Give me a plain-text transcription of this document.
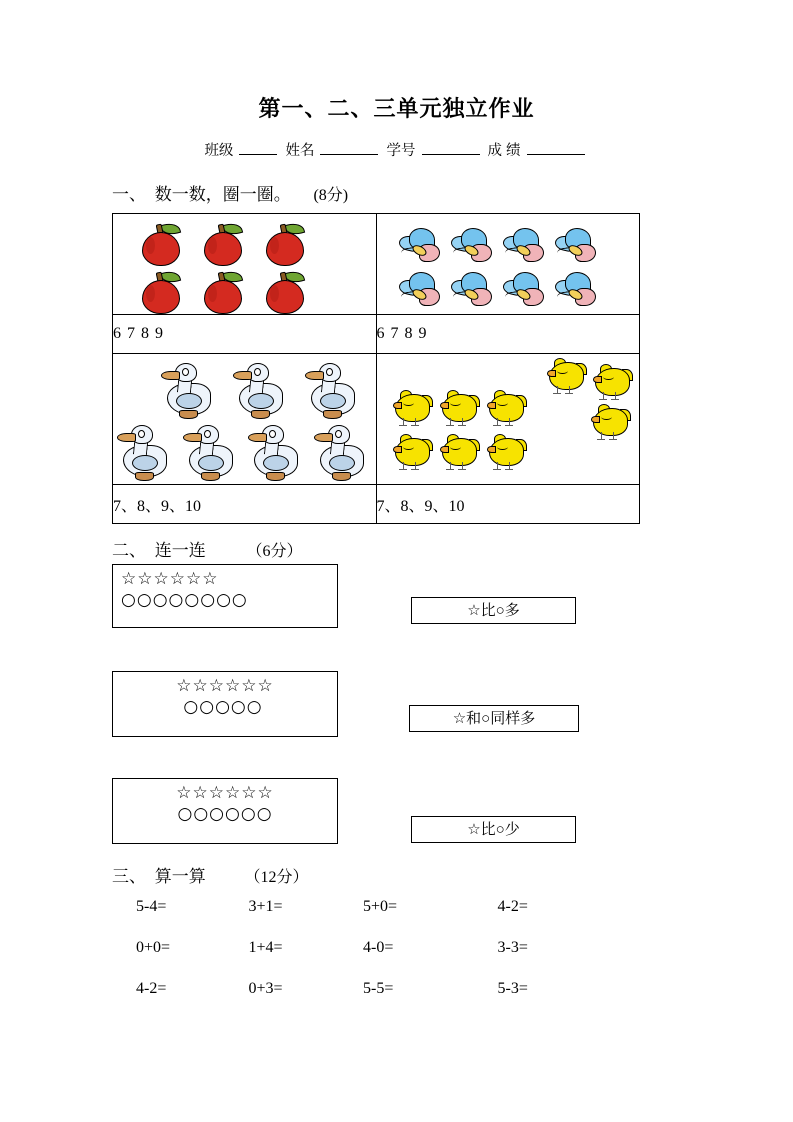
第一、二、三单元独立作业
班级	姓名	学号	成 绩
一、 数一数，圈一圈。 (8分)

6 7 8 9	6 7 8 9

7、8、9、10	7、8、9、10
二、 连一连	（6分）
☆ ☆ ☆ ☆ ☆ ☆
○ ○ ○ ○ ○ ○ ○ ○
☆比○多
☆ ☆ ☆ ☆ ☆ ☆
○ ○ ○ ○ ○
☆和○同样多
☆ ☆ ☆ ☆ ☆ ☆
○ ○ ○ ○ ○ ○
☆比○少
三、 算一算 （12分）
5-4=	3+1=	5+0=	4-2=
0+0=	1+4=	4-0=	3-3=
4-2=	0+3=	5-5=	5-3=
